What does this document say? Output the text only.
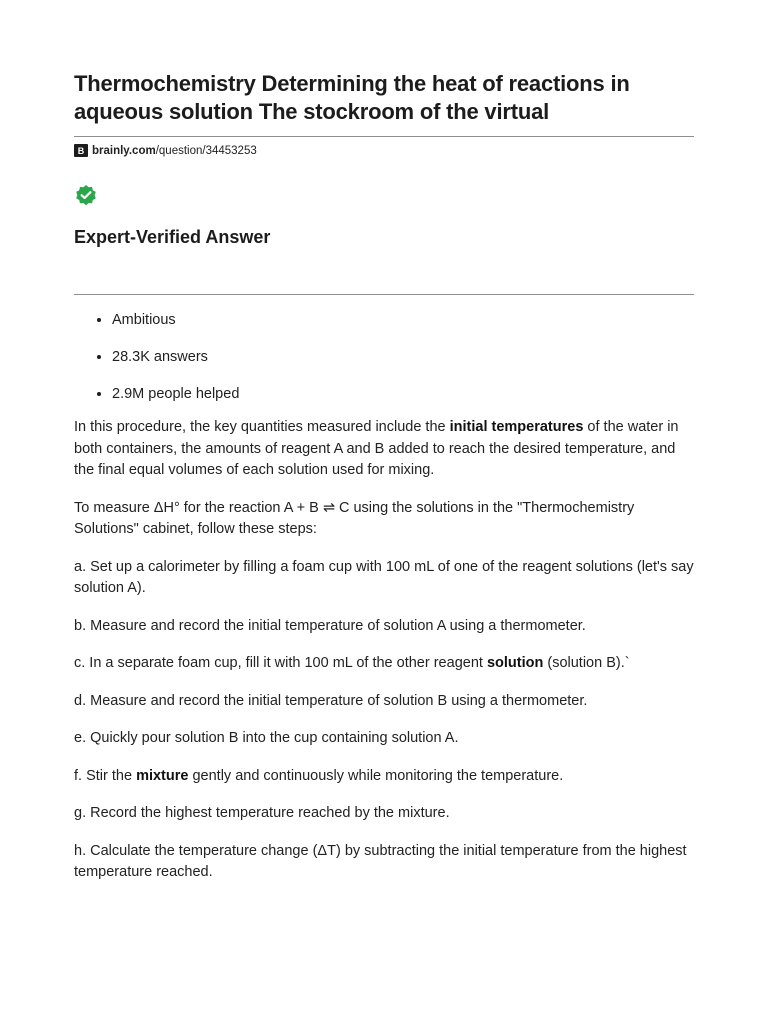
Thermochemistry Determining the heat of reactions in aqueous solution The stockroom of the virtual
B brainly.com /question/34453253
Expert-Verified Answer
• Ambitious
• 28.3K answers
• 2.9M people helped

In this procedure, the key quantities measured include the initial temperatures of the water in both containers, the amounts of reagent A and B added to reach the desired temperature, and the final equal volumes of each solution used for mixing.

To measure ΔH° for the reaction A + B ⇌ C using the solutions in the "Thermochemistry Solutions" cabinet, follow these steps:

a. Set up a calorimeter by filling a foam cup with 100 mL of one of the reagent solutions (let's say solution A).

b. Measure and record the initial temperature of solution A using a thermometer.

c. In a separate foam cup, fill it with 100 mL of the other reagent solution (solution B).`

d. Measure and record the initial temperature of solution B using a thermometer.

e. Quickly pour solution B into the cup containing solution A.

f. Stir the mixture gently and continuously while monitoring the temperature.

g. Record the highest temperature reached by the mixture.

h. Calculate the temperature change (ΔT) by subtracting the initial temperature from the highest temperature reached.
